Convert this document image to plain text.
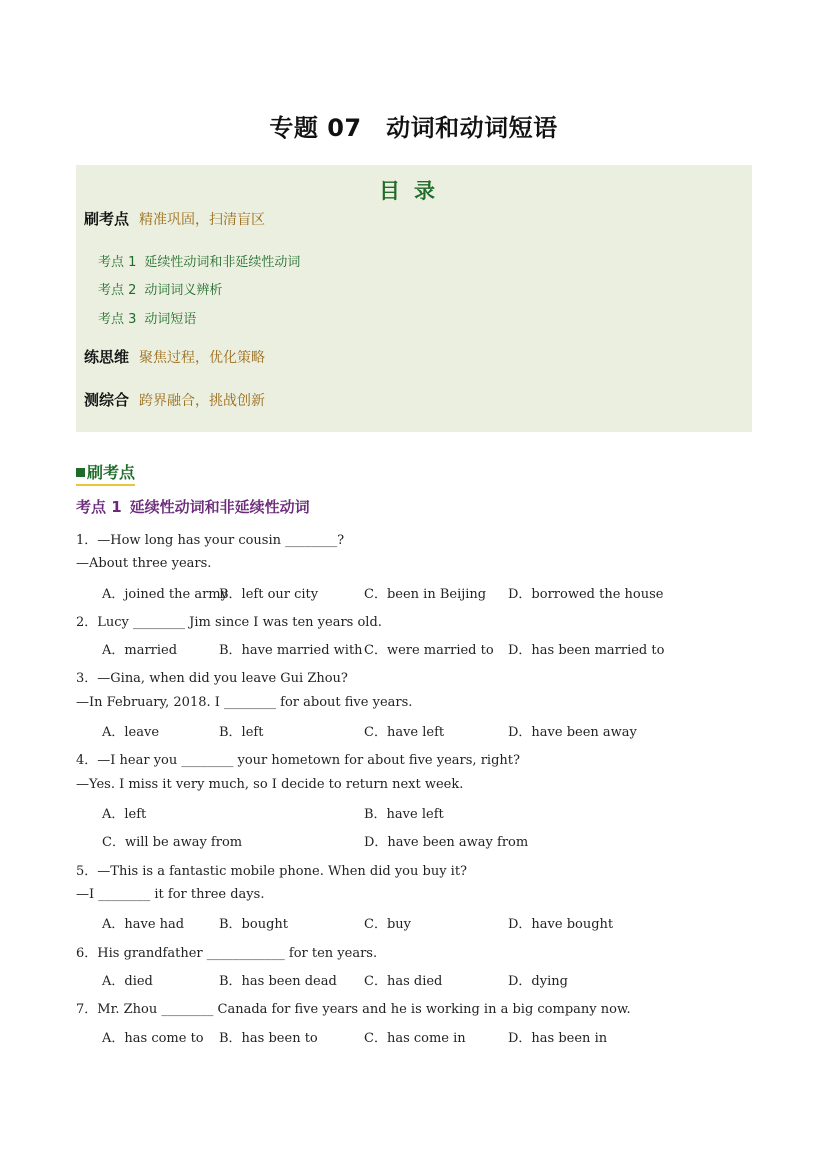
专题 07　动词和动词短语
目录
刷考点 精准巩固，扫清盲区
考点 1 延续性动词和非延续性动词
考点 2 动词词义辨析
考点 3 动词短语
练思维 聚焦过程，优化策略
测综合 跨界融合，挑战创新
刷考点
考点 1 延续性动词和非延续性动词
1．—How long has your cousin ________?
—About three years.
A．joined the army
B．left our city	C．been in Beijing D．borrowed the house
2．Lucy ________ Jim since I was ten years old.
A．married	B．have married with C．were married to D．has been married to
3．—Gina, when did you leave Gui Zhou?
—In February, 2018. I ________ for about five years.
A．leave	B．left	C．have left	D．have been away
4．—I hear you ________ your hometown for about five years, right?
—Yes. I miss it very much, so I decide to return next week.
A．left	B．have left
C．will be away from	D．have been away from
5．—This is a fantastic mobile phone. When did you buy it?
—I ________ it for three days.
A．have had	B．bought	C．buy	D．have bought
6．His grandfather ____________ for ten years.
A．died	B．has been dead C．has died	D．dying
7．Mr. Zhou ________ Canada for five years and he is working in a big company now.
A．has come to B．has been to	C．has come in	D．has been in
